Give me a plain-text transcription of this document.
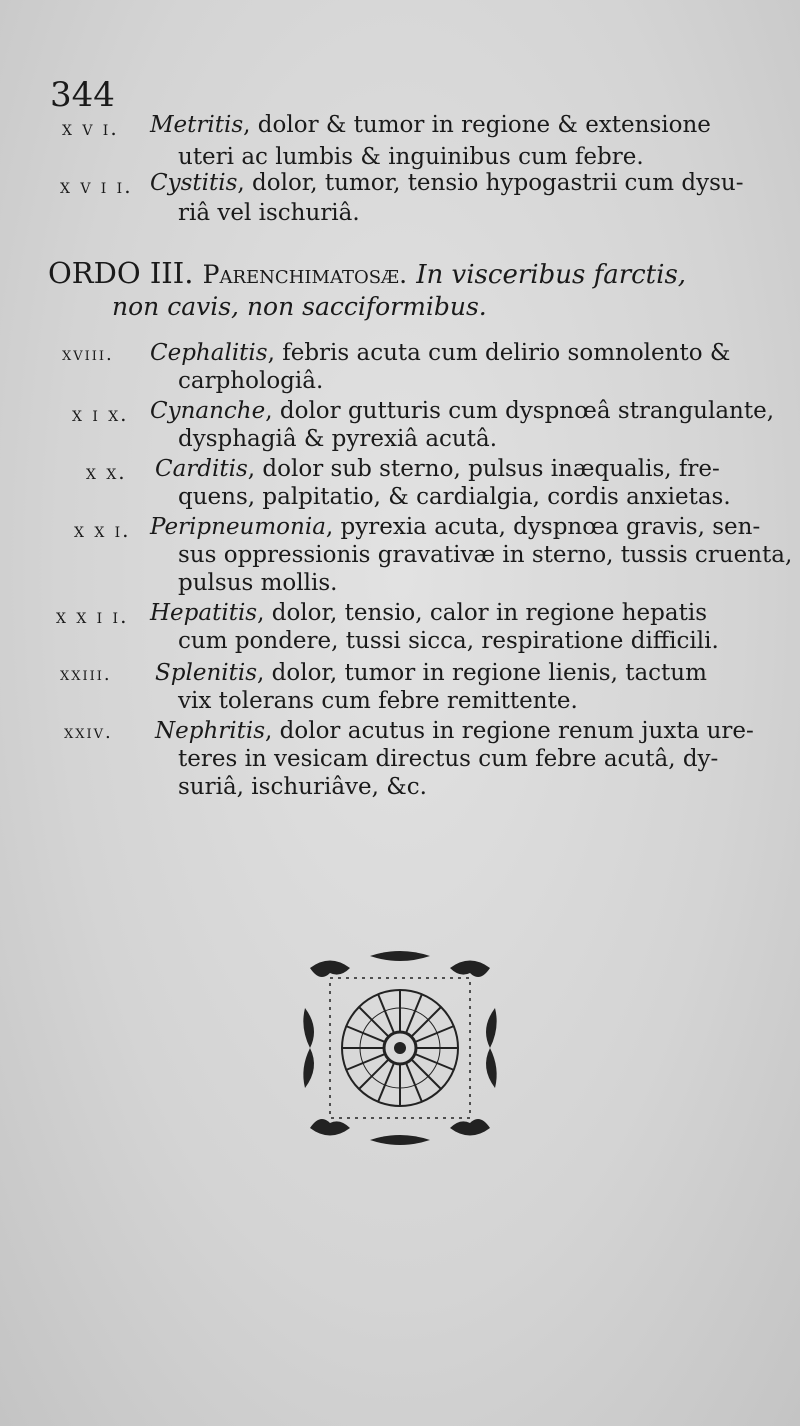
344
x v i. Metritis, dolor & tumor in regione & extensione
uteri ac lumbis & inguinibus cum febre.
x v i i. Cystitis, dolor, tumor, tensio hypogastrii cum dysu-
riâ vel ischuriâ.
ORDO III. Parenchimatosæ. In visceribus farctis,
non cavis, non sacciformibus.
xviii. Cephalitis, febris acuta cum delirio somnolento &
carphologiâ.
x i x. Cynanche, dolor gutturis cum dyspnœâ strangulante,
dysphagiâ & pyrexiâ acutâ.
x x. Carditis, dolor sub sterno, pulsus inæqualis, fre-
quens, palpitatio, & cardialgia, cordis anxietas.
x x i. Peripneumonia, pyrexia acuta, dyspnœa gravis, sen-
sus oppressionis gravativæ in sterno, tussis cruenta,
pulsus mollis.
x x i i. Hepatitis, dolor, tensio, calor in regione hepatis
cum pondere, tussi sicca, respiratione difficili.
xxiii. Splenitis, dolor, tumor in regione lienis, tactum
vix tolerans cum febre remittente.
xxiv. Nephritis, dolor acutus in regione renum juxta ure-
teres in vesicam directus cum febre acutâ, dy-
suriâ, ischuriâve, &c.
